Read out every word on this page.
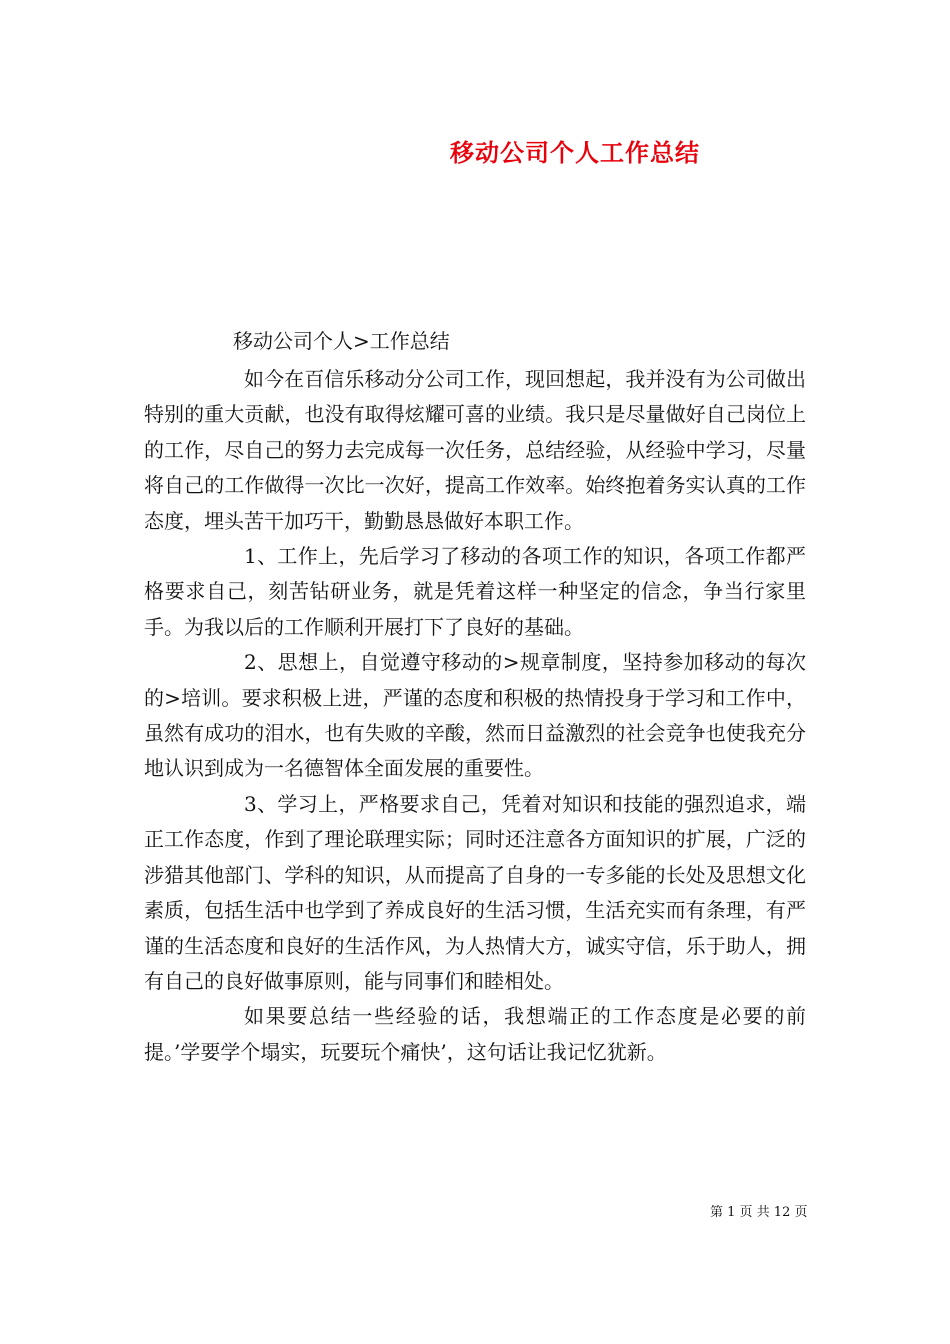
移动公司个人工作总结
移动公司个人>工作总结

如今在百信乐移动分公司工作，现回想起，我并没有为公司做出特别的重大贡献，也没有取得炫耀可喜的业绩。我只是尽量做好自己岗位上的工作，尽自己的努力去完成每一次任务，总结经验，从经验中学习，尽量将自己的工作做得一次比一次好，提高工作效率。始终抱着务实认真的工作态度，埋头苦干加巧干，勤勤恳恳做好本职工作。

1、工作上，先后学习了移动的各项工作的知识，各项工作都严格要求自己，刻苦钻研业务，就是凭着这样一种坚定的信念，争当行家里手。为我以后的工作顺利开展打下了良好的基础。

2、思想上，自觉遵守移动的>规章制度，坚持参加移动的每次的>培训。要求积极上进，严谨的态度和积极的热情投身于学习和工作中，虽然有成功的泪水，也有失败的辛酸，然而日益激烈的社会竞争也使我充分地认识到成为一名德智体全面发展的重要性。

3、学习上，严格要求自己，凭着对知识和技能的强烈追求，端正工作态度，作到了理论联理实际；同时还注意各方面知识的扩展，广泛的涉猎其他部门、学科的知识，从而提高了自身的一专多能的长处及思想文化素质，包括生活中也学到了养成良好的生活习惯，生活充实而有条理，有严谨的生活态度和良好的生活作风，为人热情大方，诚实守信，乐于助人，拥有自己的良好做事原则，能与同事们和睦相处。

如果要总结一些经验的话，我想端正的工作态度是必要的前提。’学要学个塌实，玩要玩个痛快’，这句话让我记忆犹新。

第 1 页 共 12 页
